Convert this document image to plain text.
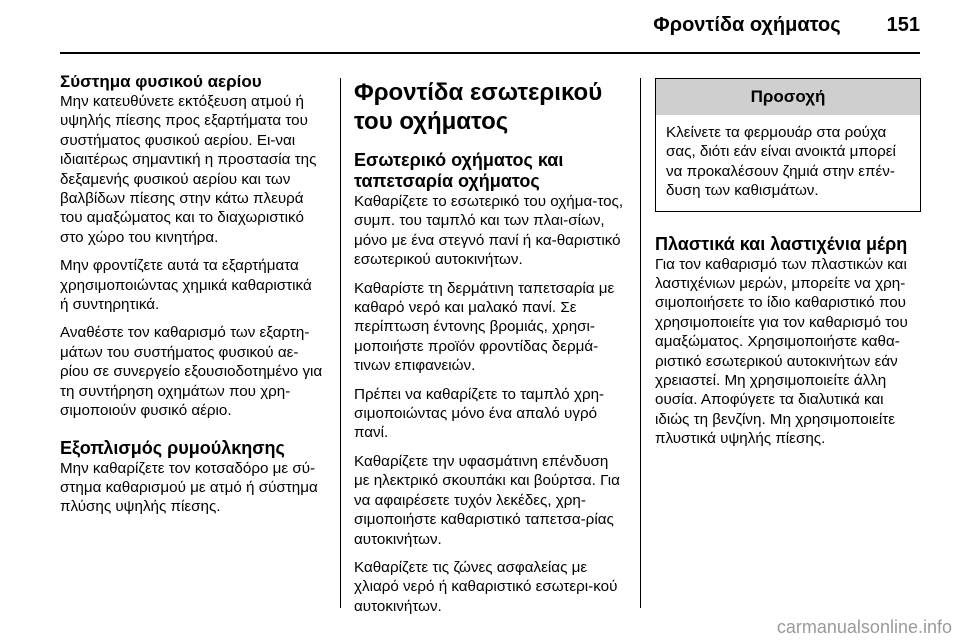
Φροντίδα οχήματος 151
Σύστημα φυσικού αερίου

Μην κατευθύνετε εκτόξευση ατμού ή υψηλής πίεσης προς εξαρτήματα του συστήματος φυσικού αερίου. Ει-ναι ιδιαιτέρως σημαντική η προστασία της δεξαμενής φυσικού αερίου και των βαλβίδων πίεσης στην κάτω πλευρά του αμαξώματος και το διαχωριστικό στο χώρο του κινητήρα.

Μην φροντίζετε αυτά τα εξαρτήματα χρησιμοποιώντας χημικά καθαριστικά ή συντηρητικά.

Αναθέστε τον καθαρισμό των εξαρτη-μάτων του συστήματος φυσικού αε-ρίου σε συνεργείο εξουσιοδοτημένο για τη συντήρηση οχημάτων που χρη-σιμοποιούν φυσικό αέριο.

Εξοπλισμός ρυμούλκησης

Μην καθαρίζετε τον κοτσαδόρο με σύ-στημα καθαρισμού με ατμό ή σύστημα πλύσης υψηλής πίεσης.

Φροντίδα εσωτερικού του οχήματος
Εσωτερικό οχήματος και ταπετσαρία οχήματος

Καθαρίζετε το εσωτερικό του οχήμα-τος, συμπ. του ταμπλό και των πλαι-σίων, μόνο με ένα στεγνό πανί ή κα-θαριστικό εσωτερικού αυτοκινήτων.

Καθαρίστε τη δερμάτινη ταπετσαρία με καθαρό νερό και μαλακό πανί. Σε περίπτωση έντονης βρομιάς, χρησι-μοποιήστε προϊόν φροντίδας δερμά-τινων επιφανειών.

Πρέπει να καθαρίζετε το ταμπλό χρη-σιμοποιώντας μόνο ένα απαλό υγρό πανί.

Καθαρίζετε την υφασμάτινη επένδυση με ηλεκτρικό σκουπάκι και βούρτσα. Για να αφαιρέσετε τυχόν λεκέδες, χρη-σιμοποιήστε καθαριστικό ταπετσα-ρίας αυτοκινήτων.

Καθαρίζετε τις ζώνες ασφαλείας με χλιαρό νερό ή καθαριστικό εσωτερι-κού αυτοκινήτων.

Προσοχή
Κλείνετε τα φερμουάρ στα ρούχα σας, διότι εάν είναι ανοικτά μπορεί να προκαλέσουν ζημιά στην επέν-δυση των καθισμάτων.
Πλαστικά και λαστιχένια μέρη

Για τον καθαρισμό των πλαστικών και λαστιχένιων μερών, μπορείτε να χρη-σιμοποιήσετε το ίδιο καθαριστικό που χρησιμοποιείτε για τον καθαρισμό του αμαξώματος. Χρησιμοποιήστε καθα-ριστικό εσωτερικού αυτοκινήτων εάν χρειαστεί. Μη χρησιμοποιείτε άλλη ουσία. Αποφύγετε τα διαλυτικά και ιδιώς τη βενζίνη. Μη χρησιμοποιείτε πλυστικά υψηλής πίεσης.

carmanualsonline.info
